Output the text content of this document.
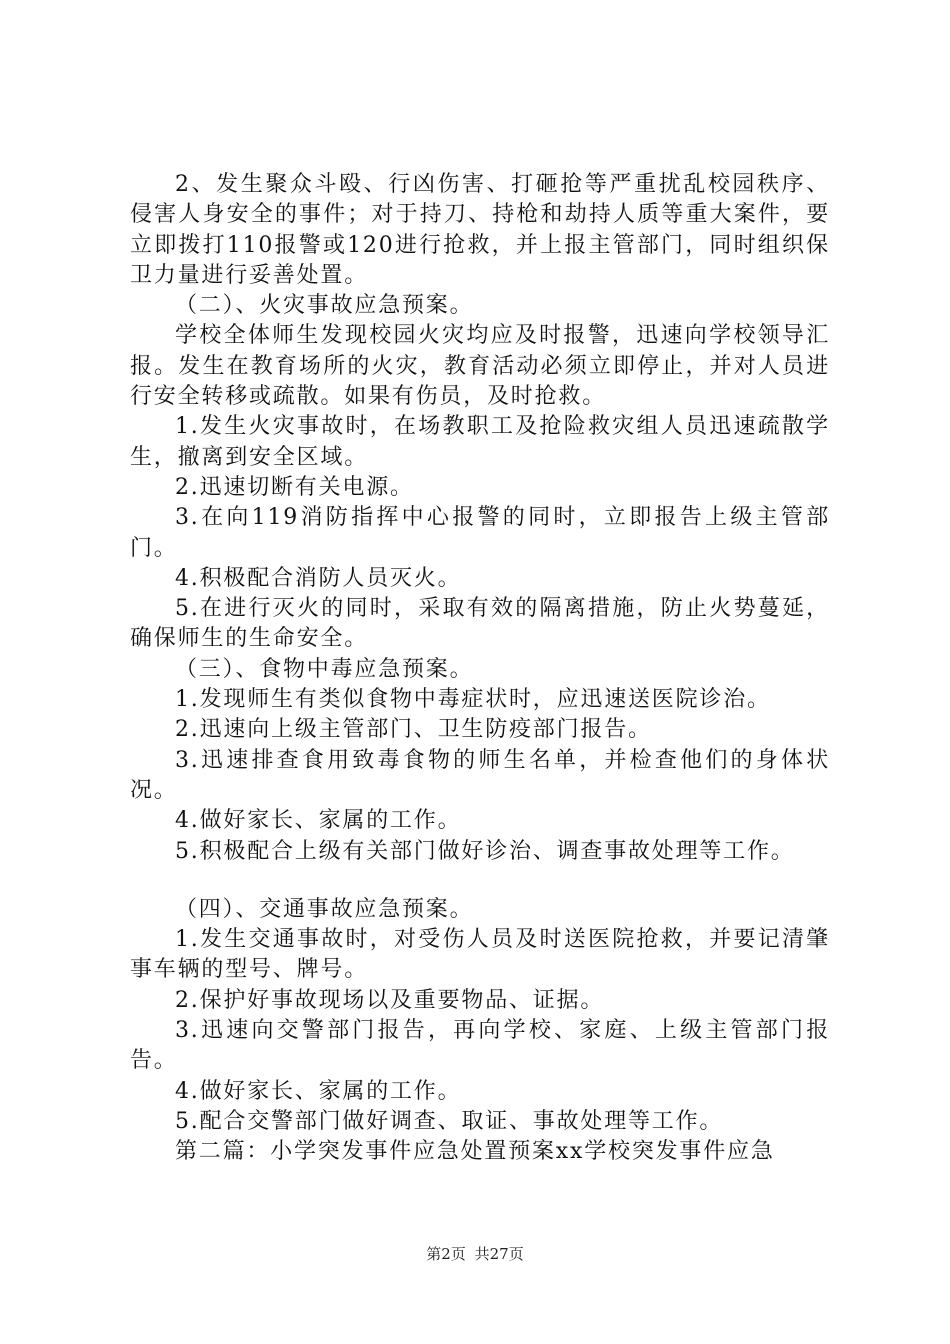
2、发生聚众斗殴、行凶伤害、打砸抢等严重扰乱校园秩序、侵害人身安全的事件；对于持刀、持枪和劫持人质等重大案件，要立即拨打110报警或120进行抢救，并上报主管部门，同时组织保卫力量进行妥善处置。

（二）、火灾事故应急预案。

学校全体师生发现校园火灾均应及时报警，迅速向学校领导汇报。发生在教育场所的火灾，教育活动必须立即停止，并对人员进行安全转移或疏散。如果有伤员，及时抢救。

1.发生火灾事故时，在场教职工及抢险救灾组人员迅速疏散学生，撤离到安全区域。

2.迅速切断有关电源。

3.在向119消防指挥中心报警的同时，立即报告上级主管部门。

4.积极配合消防人员灭火。

5.在进行灭火的同时，采取有效的隔离措施，防止火势蔓延，确保师生的生命安全。

（三）、食物中毒应急预案。

1.发现师生有类似食物中毒症状时，应迅速送医院诊治。

2.迅速向上级主管部门、卫生防疫部门报告。

3.迅速排查食用致毒食物的师生名单，并检查他们的身体状况。

4.做好家长、家属的工作。

5.积极配合上级有关部门做好诊治、调查事故处理等工作。

（四）、交通事故应急预案。

1.发生交通事故时，对受伤人员及时送医院抢救，并要记清肇事车辆的型号、牌号。

2.保护好事故现场以及重要物品、证据。

3.迅速向交警部门报告，再向学校、家庭、上级主管部门报告。

4.做好家长、家属的工作。

5.配合交警部门做好调查、取证、事故处理等工作。

第二篇：小学突发事件应急处置预案xx学校突发事件应急

第2页 共27页
